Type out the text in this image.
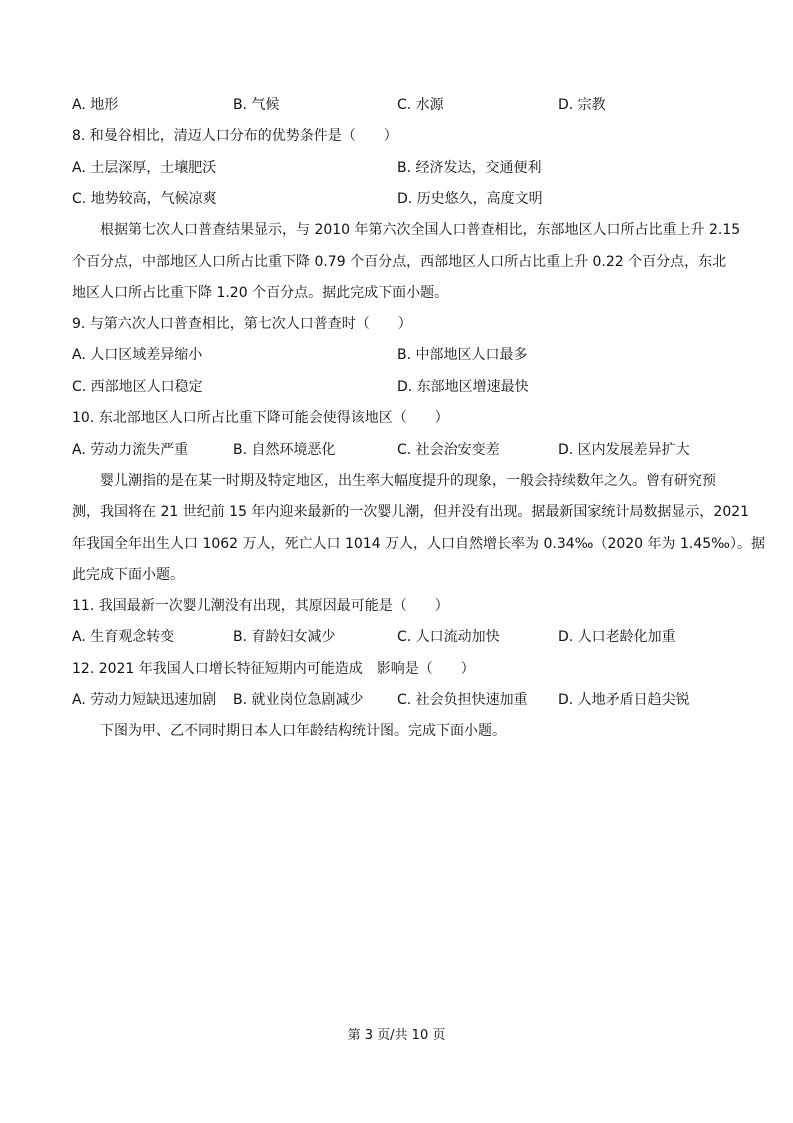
A. 地形	B. 气候	C. 水源	D. 宗教
8. 和曼谷相比，清迈人口分布的优势条件是（　　）
A. 土层深厚，土壤肥沃	B. 经济发达，交通便利
C. 地势较高，气候凉爽	D. 历史悠久，高度文明
根据第七次人口普查结果显示，与 2010 年第六次全国人口普查相比，东部地区人口所占比重上升 2.15
个百分点，中部地区人口所占比重下降 0.79 个百分点，西部地区人口所占比重上升 0.22 个百分点，东北
地区人口所占比重下降 1.20 个百分点。据此完成下面小题。
9. 与第六次人口普查相比，第七次人口普查时（　　）
A. 人口区域差异缩小	B. 中部地区人口最多
C. 西部地区人口稳定	D. 东部地区增速最快
10. 东北部地区人口所占比重下降可能会使得该地区（　　）
A. 劳动力流失严重	B. 自然环境恶化	C. 社会治安变差	D. 区内发展差异扩大
婴儿潮指的是在某一时期及特定地区，出生率大幅度提升的现象，一般会持续数年之久。曾有研究预
测，我国将在 21 世纪前 15 年内迎来最新的一次婴儿潮，但并没有出现。据最新国家统计局数据显示，2021
年我国全年出生人口 1062 万人，死亡人口 1014 万人，人口自然增长率为 0.34‰（2020 年为 1.45‰）。据
此完成下面小题。
11. 我国最新一次婴儿潮没有出现，其原因最可能是（　　）
A. 生育观念转变	B. 育龄妇女减少	C. 人口流动加快	D. 人口老龄化加重
12. 2021 年我国人口增长特征短期内可能造成　影响是（　　）
A. 劳动力短缺迅速加剧 B. 就业岗位急剧减少 C. 社会负担快速加重 D. 人地矛盾日趋尖锐
下图为甲、乙不同时期日本人口年龄结构统计图。完成下面小题。
第 3 页/共 10 页
